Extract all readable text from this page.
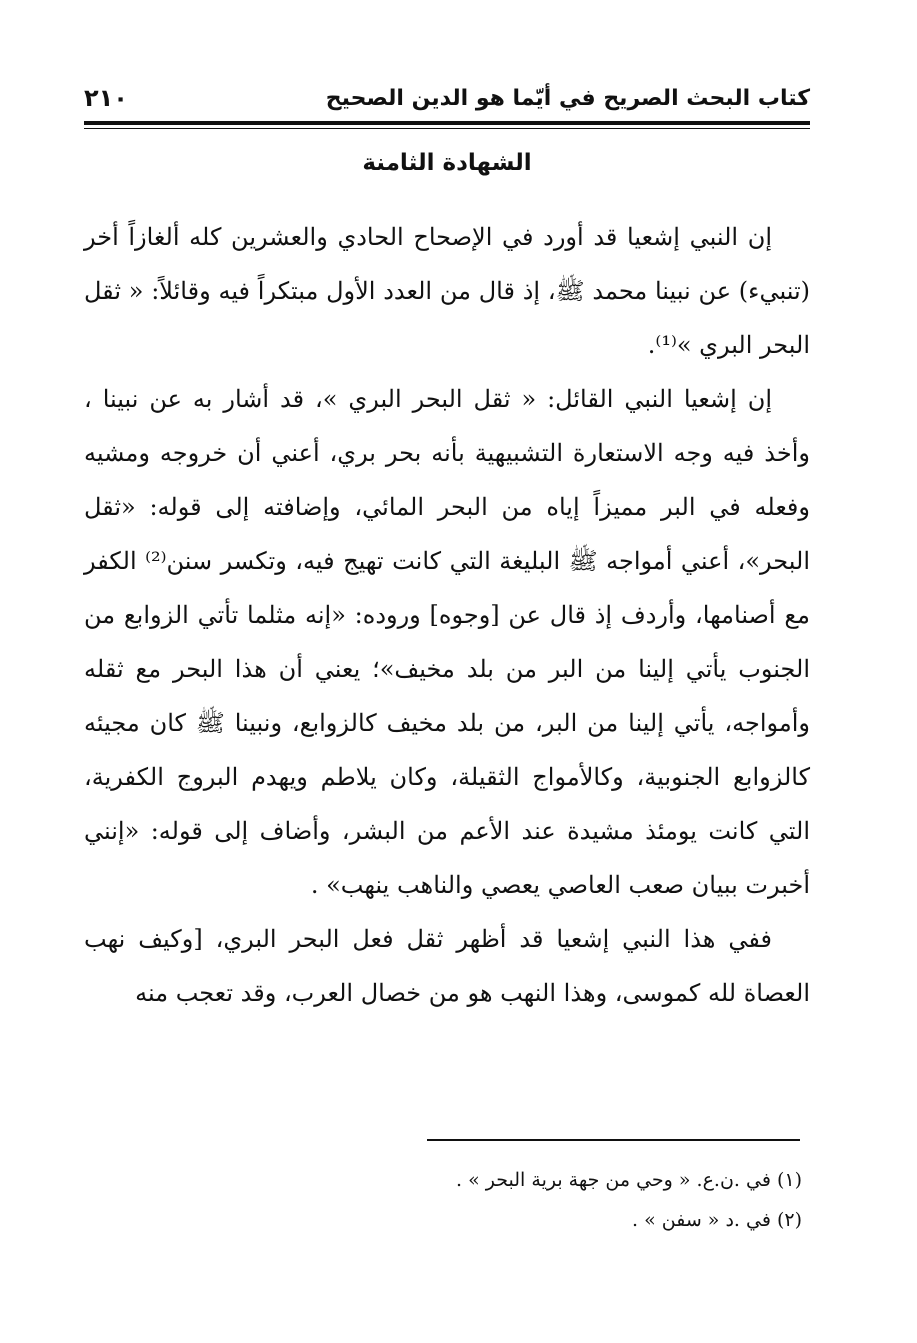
كتاب البحث الصريح في أيّما هو الدين الصحيح
٢١٠
الشهادة الثامنة

إن النبي إشعيا قد أورد في الإصحاح الحادي والعشرين كله ألغازاً أخر (تنبيء) عن نبينا محمد ﷺ، إذ قال من العدد الأول مبتكراً فيه وقائلاً: « ثقل البحر البري »⁽¹⁾.

إن إشعيا النبي القائل: « ثقل البحر البري »، قد أشار به عن نبينا ، وأخذ فيه وجه الاستعارة التشبيهية بأنه بحر بري، أعني أن خروجه ومشيه وفعله في البر مميزاً إياه من البحر المائي، وإضافته إلى قوله: «ثقل البحر»، أعني أمواجه ﷺ البليغة التي كانت تهيج فيه، وتكسر سنن⁽²⁾ الكفر مع أصنامها، وأردف إذ قال عن [وجوه] وروده: «إنه مثلما تأتي الزوابع من الجنوب يأتي إلينا من البر من بلد مخيف»؛ يعني أن هذا البحر مع ثقله وأمواجه، يأتي إلينا من البر، من بلد مخيف كالزوابع، ونبينا ﷺ كان مجيئه كالزوابع الجنوبية، وكالأمواج الثقيلة، وكان يلاطم ويهدم البروج الكفرية، التي كانت يومئذ مشيدة عند الأعم من البشر، وأضاف إلى قوله: «إنني أخبرت ببيان صعب العاصي يعصي والناهب ينهب» .

ففي هذا النبي إشعيا قد أظهر ثقل فعل البحر البري، [وكيف نهب العصاة لله كموسى، وهذا النهب هو من خصال العرب، وقد تعجب منه

(١) في .ن.ع. « وحي من جهة برية البحر » .
(٢) في .د « سفن » .
